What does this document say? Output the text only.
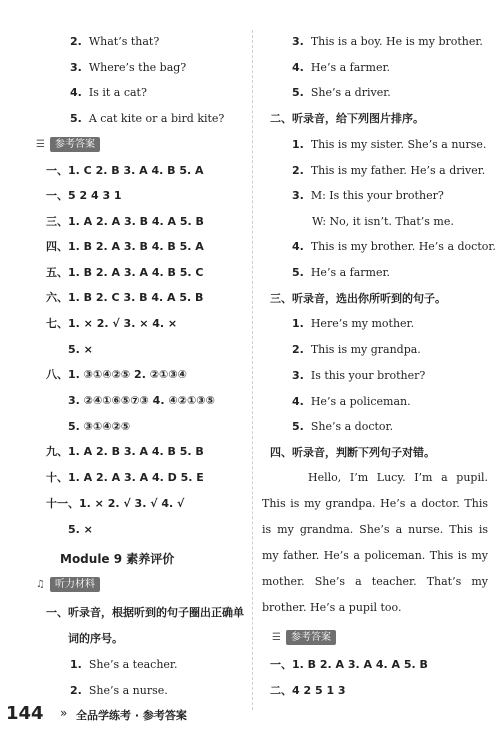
2. What’s that?
3. Where’s the bag?
4. Is it a cat?
5. A cat kite or a bird kite?
☰	参考答案
一、1. C 2. B 3. A 4. B 5. A
一、5 2 4 3 1
三、1. A 2. A 3. B 4. A 5. B
四、1. B 2. A 3. B 4. B 5. A
五、1. B 2. A 3. A 4. B 5. C
六、1. B 2. C 3. B 4. A 5. B
七、1. × 2. √ 3. × 4. ×
5. ×
八、1. ③①④②⑤ 2. ②①③④
3. ②④①⑥⑤⑦③ 4. ④②①③⑤
5. ③①④②⑤
九、1. A 2. B 3. A 4. B 5. B
十、1. A 2. A 3. A 4. D 5. E
十一、1. × 2. √ 3. √ 4. √
5. ×
Module 9 素养评价
♫	听力材料
一、听录音，根据听到的句子圈出正确单
词的序号。
1. She’s a teacher.
2. She’s a nurse.
3. This is a boy. He is my brother.
4. He’s a farmer.
5. She’s a driver.
二、听录音，给下列图片排序。
1. This is my sister. She’s a nurse.
2. This is my father. He’s a driver.
3. M: Is this your brother?
W: No, it isn’t. That’s me.
4. This is my brother. He’s a doctor.
5. He’s a farmer.
三、听录音，选出你所听到的句子。
1. Here’s my mother.
2. This is my grandpa.
3. Is this your brother?
4. He’s a policeman.
5. She’s a doctor.
四、听录音，判断下列句子对错。
Hello, I’m Lucy. I’m a pupil. This is my grandpa. He’s a doctor. This is my grandma. She’s a nurse. This is my father. He’s a policeman. This is my mother. She’s a teacher. That’s my brother. He’s a pupil too.
☰	参考答案
一、1. B 2. A 3. A 4. A 5. B
二、4 2 5 1 3
144 » 全品学练考 · 参考答案
